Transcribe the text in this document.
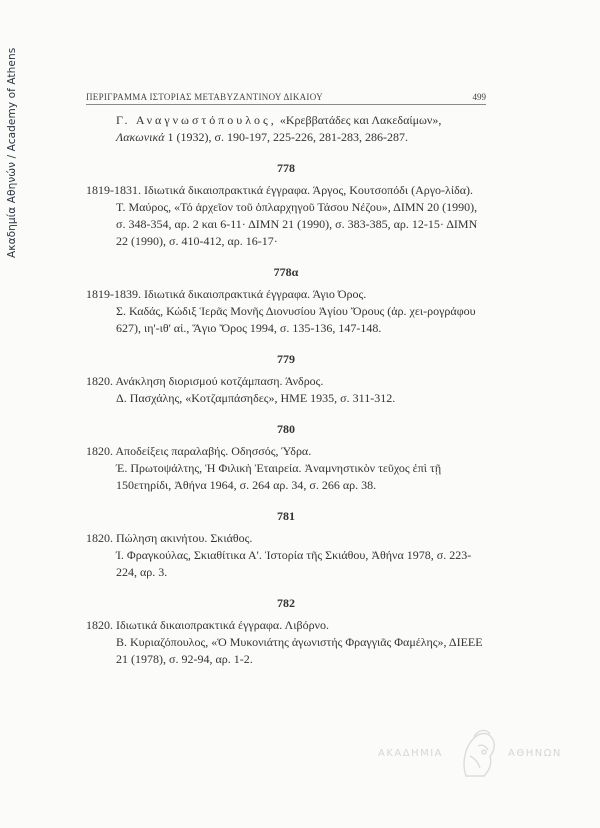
Ακαδημία Αθηνών / Academy of Athens	ΠΕΡΙΓΡΑΜΜΑ ΙΣΤΟΡΙΑΣ ΜΕΤΑΒΥΖΑΝΤΙΝΟΥ ΔΙΚΑΙΟΥ	499

Γ. Αναγνωστόπουλος, «Κρεββατάδες και Λακεδαίμων», Λακωνικά 1 (1932), σ. 190-197, 225-226, 281-283, 286-287.

778

1819-1831. Ιδιωτικά δικαιοπρακτικά έγγραφα. Άργος, Κουτσοπόδι (Αργο-λίδα).

Τ. Μαύρος, «Τό ἀρχεῖον τοῦ ὁπλαρχηγοῦ Τάσου Νέζου», ΔΙΜΝ 20 (1990), σ. 348-354, αρ. 2 και 6-11· ΔΙΜΝ 21 (1990), σ. 383-385, αρ. 12-15· ΔΙΜΝ 22 (1990), σ. 410-412, αρ. 16-17·

778α

1819-1839. Ιδιωτικά δικαιοπρακτικά έγγραφα. Άγιο Όρος.

Σ. Καδάς, Κώδιξ Ἱερᾶς Μονῆς Διονυσίου Ἁγίου Ὄρους (ἀρ. χει-ρογράφου 627), ιη'-ιθ' αἰ., Ἅγιο Ὄρος 1994, σ. 135-136, 147-148.

779

1820. Ανάκληση διορισμού κοτζάμπαση. Άνδρος.

Δ. Πασχάλης, «Κοτζαμπάσηδες», ΗΜΕ 1935, σ. 311-312.

780

1820. Αποδείξεις παραλαβής. Οδησσός, Ύδρα.

Έ. Πρωτοψάλτης, Ἡ Φιλικὴ Ἑταιρεία. Ἀναμνηστικὸν τεῦχος ἐπὶ τῇ 150ετηρίδι, Ἀθήνα 1964, σ. 264 αρ. 34, σ. 266 αρ. 38.

781

1820. Πώληση ακινήτου. Σκιάθος.

Ί. Φραγκούλας, Σκιαθίτικα Α'. Ἱστορία τῆς Σκιάθου, Ἀθήνα 1978, σ. 223-224, αρ. 3.

782

1820. Ιδιωτικά δικαιοπρακτικά έγγραφα. Λιβόρνο.

Β. Κυριαζόπουλος, «Ὁ Μυκονιάτης ἀγωνιστής Φραγγιᾶς Φαμέλης», ΔΙΕΕΕ 21 (1978), σ. 92-94, αρ. 1-2.

ΑΚΑΔΗΜΙΑ	ΑΘΗΝΩΝ
